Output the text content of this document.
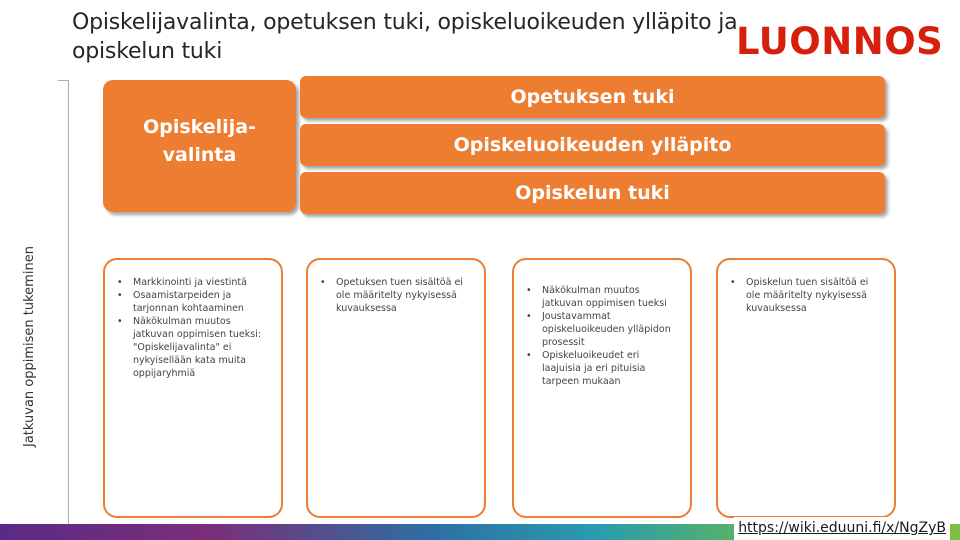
Opiskelijavalinta, opetuksen tuki, opiskeluoikeuden ylläpito ja opiskelun tuki	LUONNOS
Jatkuvan oppimisen tukeminen
Opiskelija-valinta
Opetuksen tuki
Opiskeluoikeuden ylläpito
Opiskelun tuki
• Markkinointi ja viestintä
• Osaamistarpeiden ja tarjonnan kohtaaminen
• Näkökulman muutos jatkuvan oppimisen tueksi: "Opiskelijavalinta" ei nykyisellään kata muita oppijaryhmiä
• Opetuksen tuen sisältöä ei ole määritelty nykyisessä kuvauksessa
• Näkökulman muutos jatkuvan oppimisen tueksi
• Joustavammat opiskeluoikeuden ylläpidon prosessit
• Opiskeluoikeudet eri laajuisia ja eri pituisia tarpeen mukaan
• Opiskelun tuen sisältöä ei ole määritelty nykyisessä kuvauksessa
https://wiki.eduuni.fi/x/NgZyB
